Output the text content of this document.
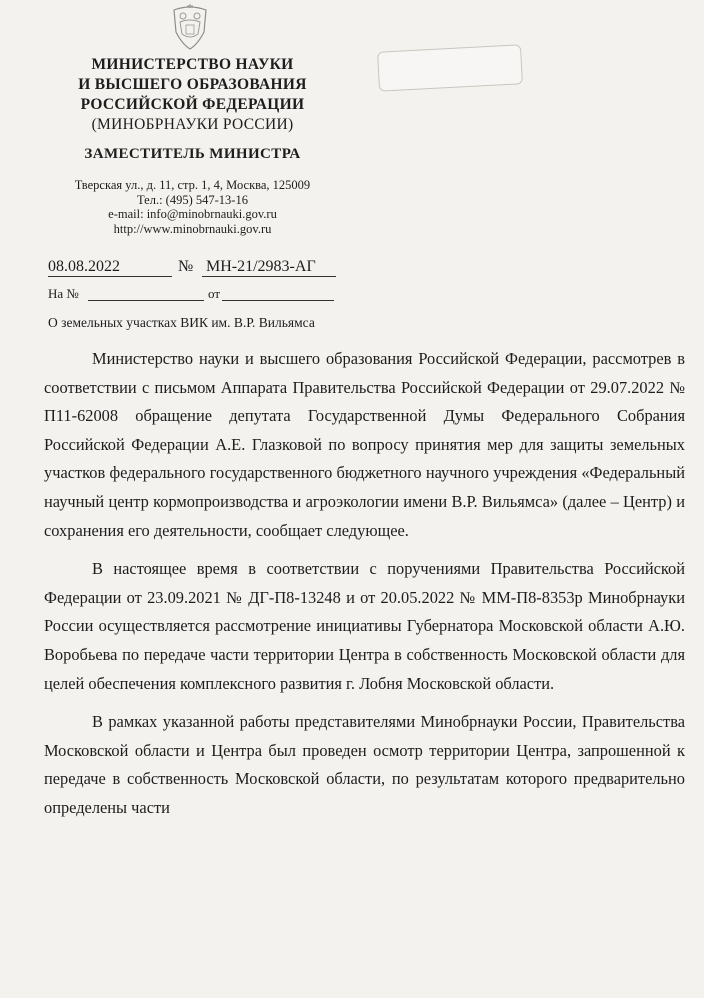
МИНИСТЕРСТВО НАУКИ
И ВЫСШЕГО ОБРАЗОВАНИЯ
РОССИЙСКОЙ ФЕДЕРАЦИИ
(МИНОБРНАУКИ РОССИИ)
ЗАМЕСТИТЕЛЬ МИНИСТРА
Тверская ул., д. 11, стр. 1, 4, Москва, 125009
Тел.: (495) 547-13-16
e-mail: info@minobrnauki.gov.ru
http://www.minobrnauki.gov.ru
08.08.2022	№ МН-21/2983-АГ
На №	от
О земельных участках ВИК им. В.Р. Вильямса

Министерство науки и высшего образования Российской Федерации, рассмотрев в соответствии с письмом Аппарата Правительства Российской Федерации от 29.07.2022 № П11-62008 обращение депутата Государственной Думы Федерального Собрания Российской Федерации А.Е. Глазковой по вопросу принятия мер для защиты земельных участков федерального государственного бюджетного научного учреждения «Федеральный научный центр кормопроизводства и агроэкологии имени В.Р. Вильямса» (далее – Центр) и сохранения его деятельности, сообщает следующее.

В настоящее время в соответствии с поручениями Правительства Российской Федерации от 23.09.2021 № ДГ-П8-13248 и от 20.05.2022 № ММ-П8-8353р Минобрнауки России осуществляется рассмотрение инициативы Губернатора Московской области А.Ю. Воробьева по передаче части территории Центра в собственность Московской области для целей обеспечения комплексного развития г. Лобня Московской области.

В рамках указанной работы представителями Минобрнауки России, Правительства Московской области и Центра был проведен осмотр территории Центра, запрошенной к передаче в собственность Московской области, по результатам которого предварительно определены части
